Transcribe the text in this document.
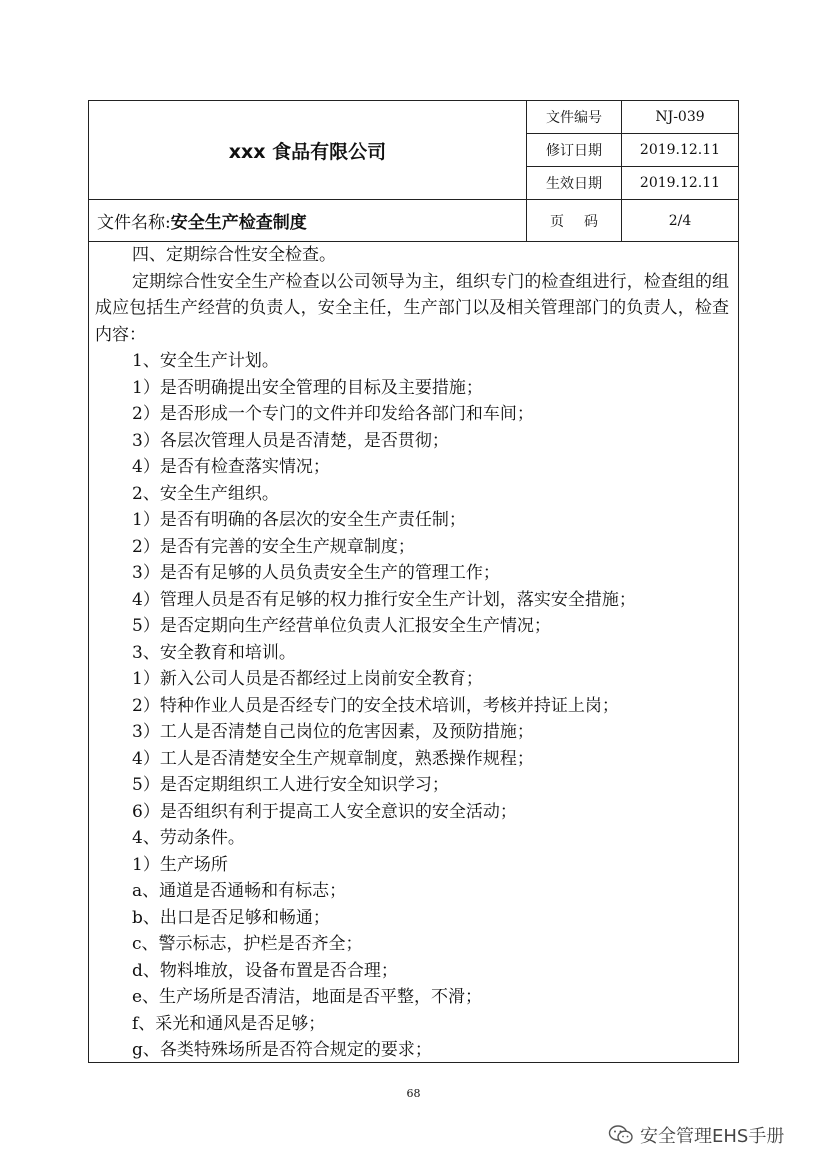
xxx 食品有限公司
文件编号	NJ-039
修订日期	2019.12.11
生效日期	2019.12.11
文件名称: 安全生产检查制度	页码	2/4
四、定期综合性安全检查。
定期综合性安全生产检查以公司领导为主，组织专门的检查组进行，检查组的组成应包括生产经营的负责人，安全主任，生产部门以及相关管理部门的负责人，检查内容：
1、安全生产计划。
1）是否明确提出安全管理的目标及主要措施；
2）是否形成一个专门的文件并印发给各部门和车间；
3）各层次管理人员是否清楚，是否贯彻；
4）是否有检查落实情况；
2、安全生产组织。
1）是否有明确的各层次的安全生产责任制；
2）是否有完善的安全生产规章制度；
3）是否有足够的人员负责安全生产的管理工作；
4）管理人员是否有足够的权力推行安全生产计划，落实安全措施；
5）是否定期向生产经营单位负责人汇报安全生产情况；
3、安全教育和培训。
1）新入公司人员是否都经过上岗前安全教育；
2）特种作业人员是否经专门的安全技术培训，考核并持证上岗；
3）工人是否清楚自己岗位的危害因素，及预防措施；
4）工人是否清楚安全生产规章制度，熟悉操作规程；
5）是否定期组织工人进行安全知识学习；
6）是否组织有利于提高工人安全意识的安全活动；
4、劳动条件。
1）生产场所
a、通道是否通畅和有标志；
b、出口是否足够和畅通；
c、警示标志，护栏是否齐全；
d、物料堆放，设备布置是否合理；
e、生产场所是否清洁，地面是否平整，不滑；
f、采光和通风是否足够；
g、各类特殊场所是否符合规定的要求；
68
安全管理EHS手册
